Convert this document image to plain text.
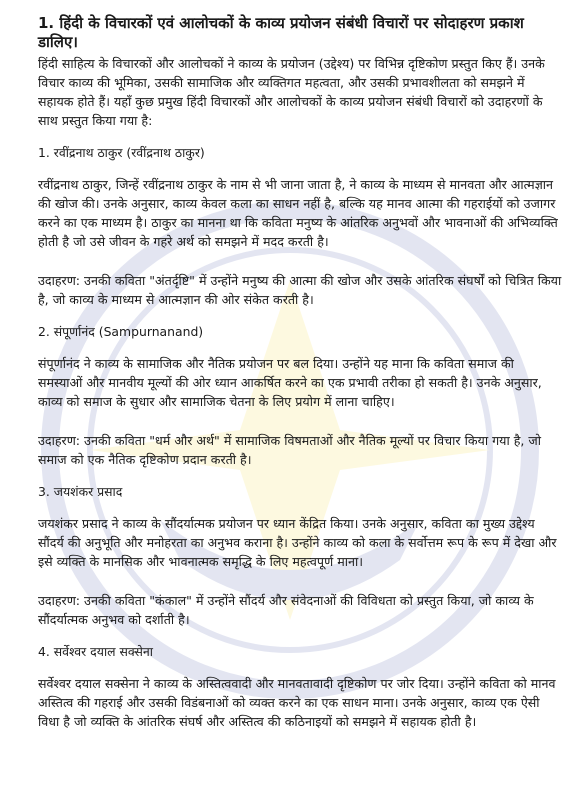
1. हिंदी के विचारकों एवं आलोचकों के काव्य प्रयोजन संबंधी विचारों पर सोदाहरण प्रकाश डालिए।

हिंदी साहित्य के विचारकों और आलोचकों ने काव्य के प्रयोजन (उद्देश्य) पर विभिन्न दृष्टिकोण प्रस्तुत किए हैं। उनके विचार काव्य की भूमिका, उसकी सामाजिक और व्यक्तिगत महत्वता, और उसकी प्रभावशीलता को समझने में सहायक होते हैं। यहाँ कुछ प्रमुख हिंदी विचारकों और आलोचकों के काव्य प्रयोजन संबंधी विचारों को उदाहरणों के साथ प्रस्तुत किया गया है:

1. रवींद्रनाथ ठाकुर (रवींद्रनाथ ठाकुर)

रवींद्रनाथ ठाकुर, जिन्हें रवींद्रनाथ ठाकुर के नाम से भी जाना जाता है, ने काव्य के माध्यम से मानवता और आत्मज्ञान की खोज की। उनके अनुसार, काव्य केवल कला का साधन नहीं है, बल्कि यह मानव आत्मा की गहराईयों को उजागर करने का एक माध्यम है। ठाकुर का मानना था कि कविता मनुष्य के आंतरिक अनुभवों और भावनाओं की अभिव्यक्ति होती है जो उसे जीवन के गहरे अर्थ को समझने में मदद करती है।

उदाहरण: उनकी कविता "अंतर्दृष्टि" में उन्होंने मनुष्य की आत्मा की खोज और उसके आंतरिक संघर्षों को चित्रित किया है, जो काव्य के माध्यम से आत्मज्ञान की ओर संकेत करती है।

2. संपूर्णानंद (Sampurnanand)

संपूर्णानंद ने काव्य के सामाजिक और नैतिक प्रयोजन पर बल दिया। उन्होंने यह माना कि कविता समाज की समस्याओं और मानवीय मूल्यों की ओर ध्यान आकर्षित करने का एक प्रभावी तरीका हो सकती है। उनके अनुसार, काव्य को समाज के सुधार और सामाजिक चेतना के लिए प्रयोग में लाना चाहिए।

उदाहरण: उनकी कविता "धर्म और अर्थ" में सामाजिक विषमताओं और नैतिक मूल्यों पर विचार किया गया है, जो समाज को एक नैतिक दृष्टिकोण प्रदान करती है।

3. जयशंकर प्रसाद

जयशंकर प्रसाद ने काव्य के सौंदर्यात्मक प्रयोजन पर ध्यान केंद्रित किया। उनके अनुसार, कविता का मुख्य उद्देश्य सौंदर्य की अनुभूति और मनोहरता का अनुभव कराना है। उन्होंने काव्य को कला के सर्वोत्तम रूप के रूप में देखा और इसे व्यक्ति के मानसिक और भावनात्मक समृद्धि के लिए महत्वपूर्ण माना।

उदाहरण: उनकी कविता "कंकाल" में उन्होंने सौंदर्य और संवेदनाओं की विविधता को प्रस्तुत किया, जो काव्य के सौंदर्यात्मक अनुभव को दर्शाती है।

4. सर्वेश्वर दयाल सक्सेना

सर्वेश्वर दयाल सक्सेना ने काव्य के अस्तित्ववादी और मानवतावादी दृष्टिकोण पर जोर दिया। उन्होंने कविता को मानव अस्तित्व की गहराई और उसकी विडंबनाओं को व्यक्त करने का एक साधन माना। उनके अनुसार, काव्य एक ऐसी विधा है जो व्यक्ति के आंतरिक संघर्ष और अस्तित्व की कठिनाइयों को समझने में सहायक होती है।
